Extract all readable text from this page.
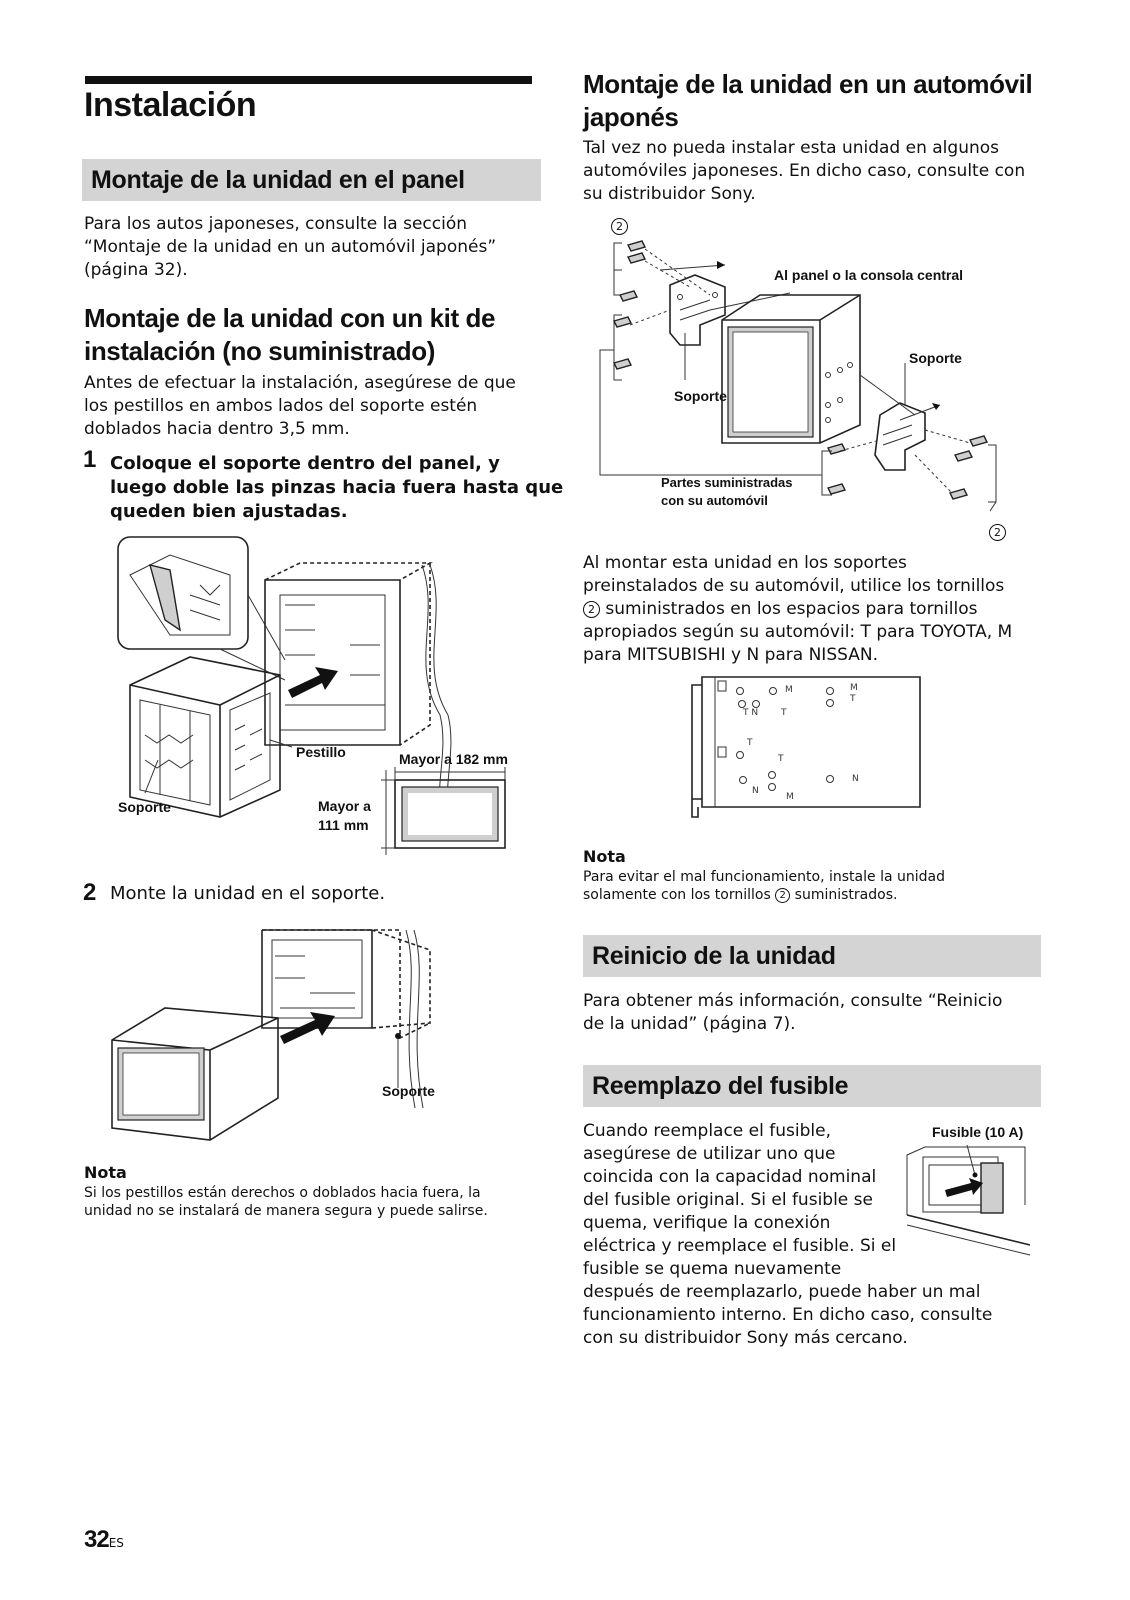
Instalación
Montaje de la unidad en el panel
Para los autos japoneses, consulte la sección
“Montaje de la unidad en un automóvil japonés”
(página 32).
Montaje de la unidad con un kit de
instalación (no suministrado)
Antes de efectuar la instalación, asegúrese de que
los pestillos en ambos lados del soporte estén
doblados hacia dentro 3,5 mm.
1 Coloque el soporte dentro del panel, y
luego doble las pinzas hacia fuera hasta que
queden bien ajustadas.
Pestillo	Mayor a 182 mm
Soporte	Mayor a
111 mm
2 Monte la unidad en el soporte.
Soporte
Nota
Si los pestillos están derechos o doblados hacia fuera, la
unidad no se instalará de manera segura y puede salirse.
Montaje de la unidad en un automóvil
japonés
Tal vez no pueda instalar esta unidad en algunos
automóviles japoneses. En dicho caso, consulte con
su distribuidor Sony.
2
2
Al panel o la consola central
Soporte
Soporte
Partes suministradas
con su automóvil
Al montar esta unidad en los soportes
preinstalados de su automóvil, utilice los tornillos
2 suministrados en los espacios para tornillos
apropiados según su automóvil: T para TOYOTA, M
para MITSUBISHI y N para NISSAN.
M	M
T
T N	T
T
T
N
N
M
Nota
Para evitar el mal funcionamiento, instale la unidad
solamente con los tornillos 2 suministrados.
Reinicio de la unidad
Para obtener más información, consulte “Reinicio
de la unidad” (página 7).
Reemplazo del fusible
Fusible (10 A)
Cuando reemplace el fusible,
asegúrese de utilizar uno que
coincida con la capacidad nominal
del fusible original. Si el fusible se
quema, verifique la conexión
eléctrica y reemplace el fusible. Si el
fusible se quema nuevamente
después de reemplazarlo, puede haber un mal
funcionamiento interno. En dicho caso, consulte
con su distribuidor Sony más cercano.
32ES
